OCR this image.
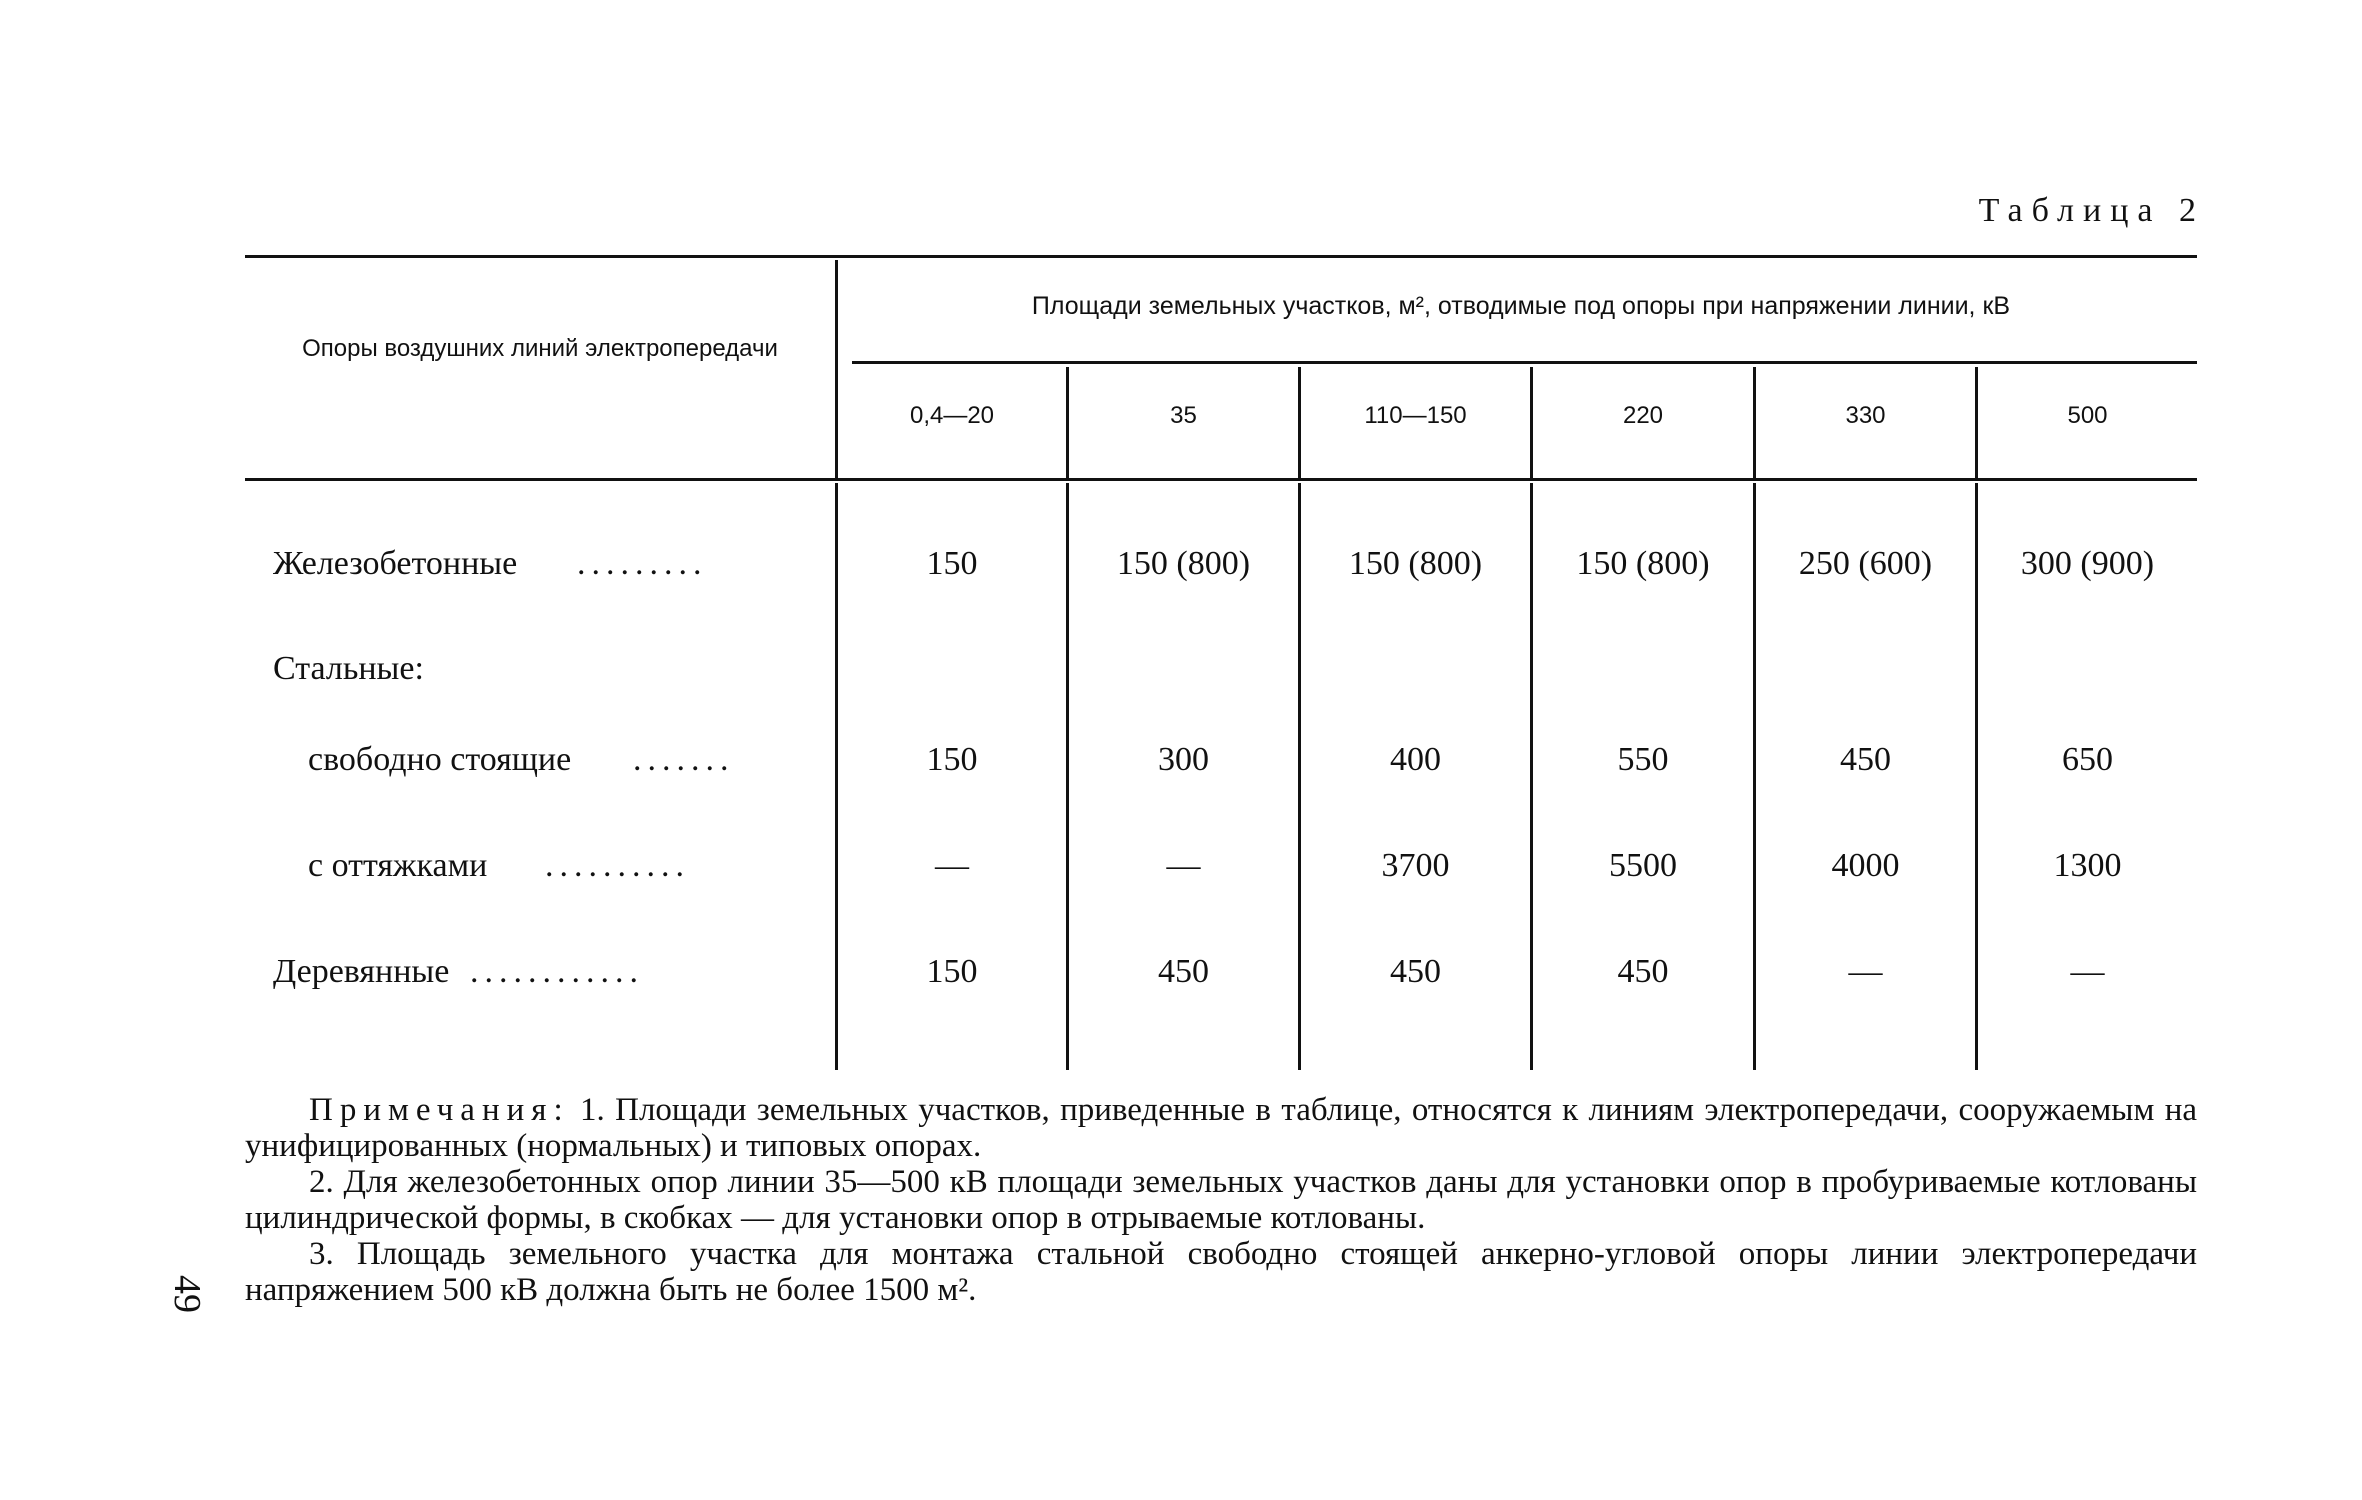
Таблица 2
Опоры воздушних линий электропередачи
Площади земельных участков, м², отводимые под опоры при напряжении линии, кВ
0,4—20	35	110—150	220	330	500
Железобетонные .........	150	150 (800)	150 (800)	150 (800)	250 (600)	300 (900)
Стальные:
свободно стоящие .......	150	300	400	550	450	650
с оттяжками ..........	—	—	3700	5500	4000	1300
Деревянные ............	150	450	450	450	—	—

Примечания: 1. Площади земельных участков, приведенные в таблице, относятся к линиям электропередачи, сооружаемым на унифицированных (нормальных) и типовых опорах.

2. Для железобетонных опор линии 35—500 кВ площади земельных участков даны для установки опор в пробуриваемые котлованы цилиндрической формы, в скобках — для установки опор в отрываемые котлованы.

3. Площадь земельного участка для монтажа стальной свободно стоящей анкерно-угловой опоры линии электропередачи напряжением 500 кВ должна быть не более 1500 м².

49
